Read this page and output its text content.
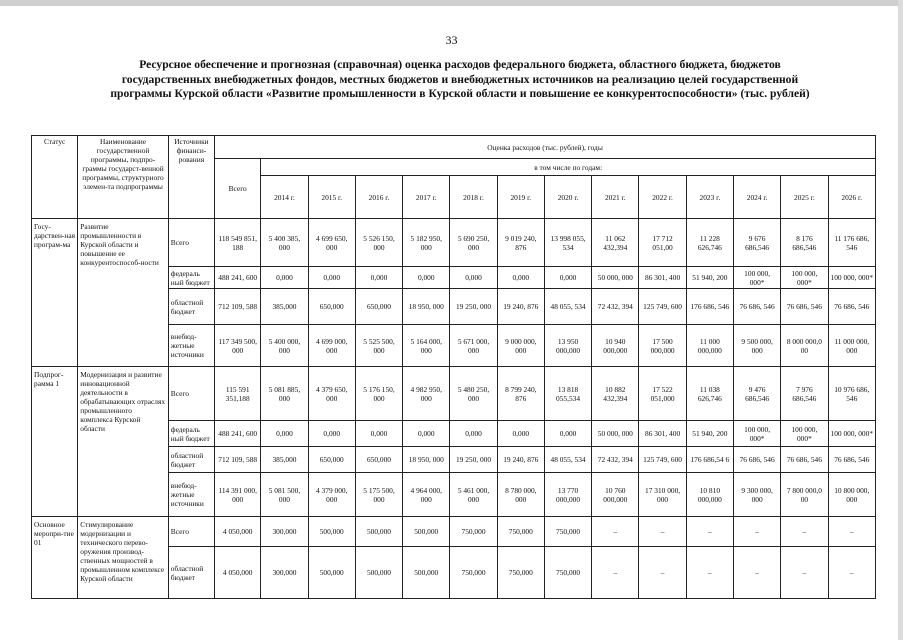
33
Ресурсное обеспечение и прогнозная (справочная) оценка расходов федерального бюджета, областного бюджета, бюджетов
государственных внебюджетных фондов, местных бюджетов и внебюджетных источников на реализацию целей государственной
программы Курской области «Развитие промышленности в Курской области и повышение ее конкурентоспособности» (тыс. рублей)
Статус	Наименование государственной программы, подпро-граммы государст-венной программы, структурного элемен-та подпрограммы	Источники финанси-рования	Оценка расходов (тыс. рублей), годы													
			Всего	в том числе по годам:												
				2014 г.	2015 г.	2016 г.	2017 г.	2018 г.	2019 г.	2020 г.	2021 г.	2022 г.	2023 г.	2024 г.	2025 г.	2026 г.
Госу-дарствен-ная програм-ма	Развитие промышленности в Курской области и повышение ее конкурентоспособ-ности	Всего	118 549 851, 188	5 400 385, 000	4 699 650, 000	5 526 150, 000	5 182 950, 000	5 690 250, 000	9 019 240, 876	13 998 055, 534	11 062 432,394	17 712 051,00	11 228 626,746	9 676 686,546	8 176 686,546	11 176 686, 546
		федераль ный бюджет	488 241, 600	0,000	0,000	0,000	0,000	0,000	0,000	0,000	50 000, 000	86 301, 400	51 940, 200	100 000, 000*	100 000, 000*	100 000, 000*
		областной бюджет	712 109, 588	385,000	650,000	650,000	18 950, 000	19 250, 000	19 240, 876	48 055, 534	72 432, 394	125 749, 600	176 686, 546	76 686, 546	76 686, 546	76 686, 546
		внебюд-жетные источники	117 349 500, 000	5 400 000, 000	4 699 000, 000	5 525 500, 000	5 164 000, 000	5 671 000, 000	9 000 000, 000	13 950 000,000	10 940 000,000	17 500 000,000	11 000 000,000	9 500 000, 000	8 000 000,0 00	11 000 000, 000
Подпрог-рамма 1	Модернизация и развитие инновационной деятельности в обрабатывающих отраслях промышленного комплекса Курской области	Всего	115 591 351,188	5 081 885, 000	4 379 650, 000	5 176 150, 000	4 982 950, 000	5 480 250, 000	8 799 240, 876	13 818 055,534	10 882 432,394	17 522 051,000	11 038 626,746	9 476 686,546	7 976 686,546	10 976 686, 546
		федераль ный бюджет	488 241, 600	0,000	0,000	0,000	0,000	0,000	0,000	0,000	50 000, 000	86 301, 400	51 940, 200	100 000, 000*	100 000, 000*	100 000, 000*
		областной бюджет	712 109, 588	385,000	650,000	650,000	18 950, 000	19 250, 000	19 240, 876	48 055, 534	72 432, 394	125 749, 600	176 686,54 6	76 686, 546	76 686, 546	76 686, 546
		внебюд-жетные источники	114 391 000, 000	5 081 500, 000	4 379 000, 000	5 175 500, 000	4 964 000, 000	5 461 000, 000	8 780 000, 000	13 770 000,000	10 760 000,000	17 310 000, 000	10 810 000,000	9 300 000, 000	7 800 000,0 00	10 800 000, 000
Основное меропри-тие 01	Стимулирование модернизации и технического перево-оружения производ-ственных мощностей в промышленном комплексе Курской области	Всего	4 050,000	300,000	500,000	500,000	500,000	750,000	750,000	750,000	–	–	–	–	–	–
		областной бюджет	4 050,000	300,000	500,000	500,000	500,000	750,000	750,000	750,000	–	–	–	–	–	–
